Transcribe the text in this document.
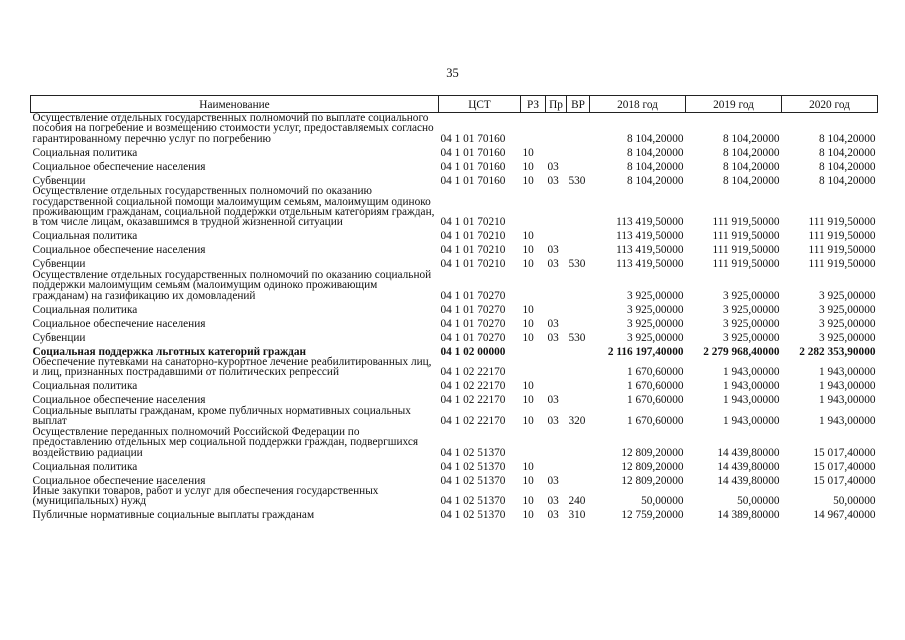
35
Наименование	ЦСТ	РЗ	Пр	ВР	2018 год	2019 год	2020 год
Осуществление отдельных государственных полномочий по выплате социального пособия на погребение и возмещению стоимости услуг, предоставляемых согласно гарантированному перечню услуг по погребению	04 1 01 70160				8 104,20000	8 104,20000	8 104,20000
Социальная политика	04 1 01 70160	10			8 104,20000	8 104,20000	8 104,20000
Социальное обеспечение населения	04 1 01 70160	10	03		8 104,20000	8 104,20000	8 104,20000
Субвенции	04 1 01 70160	10	03	530	8 104,20000	8 104,20000	8 104,20000
Осуществление отдельных государственных полномочий по оказанию государственной социальной помощи малоимущим семьям, малоимущим одиноко проживающим гражданам, социальной поддержки отдельным категориям граждан, в том числе лицам, оказавшимся в трудной жизненной ситуации	04 1 01 70210				113 419,50000	111 919,50000	111 919,50000
Социальная политика	04 1 01 70210	10			113 419,50000	111 919,50000	111 919,50000
Социальное обеспечение населения	04 1 01 70210	10	03		113 419,50000	111 919,50000	111 919,50000
Субвенции	04 1 01 70210	10	03	530	113 419,50000	111 919,50000	111 919,50000
Осуществление отдельных государственных полномочий по оказанию социальной поддержки малоимущим семьям (малоимущим одиноко проживающим гражданам) на газификацию их домовладений	04 1 01 70270				3 925,00000	3 925,00000	3 925,00000
Социальная политика	04 1 01 70270	10			3 925,00000	3 925,00000	3 925,00000
Социальное обеспечение населения	04 1 01 70270	10	03		3 925,00000	3 925,00000	3 925,00000
Субвенции	04 1 01 70270	10	03	530	3 925,00000	3 925,00000	3 925,00000
Социальная поддержка льготных категорий граждан	04 1 02 00000				2 116 197,40000	2 279 968,40000	2 282 353,90000
Обеспечение путевками на санаторно-курортное лечение реабилитированных лиц, и лиц, признанных пострадавшими от политических репрессий	04 1 02 22170				1 670,60000	1 943,00000	1 943,00000
Социальная политика	04 1 02 22170	10			1 670,60000	1 943,00000	1 943,00000
Социальное обеспечение населения	04 1 02 22170	10	03		1 670,60000	1 943,00000	1 943,00000
Социальные выплаты гражданам, кроме публичных нормативных социальных выплат	04 1 02 22170	10	03	320	1 670,60000	1 943,00000	1 943,00000
Осуществление переданных полномочий Российской Федерации по предоставлению отдельных мер социальной поддержки граждан, подвергшихся воздействию радиации	04 1 02 51370				12 809,20000	14 439,80000	15 017,40000
Социальная политика	04 1 02 51370	10			12 809,20000	14 439,80000	15 017,40000
Социальное обеспечение населения	04 1 02 51370	10	03		12 809,20000	14 439,80000	15 017,40000
Иные закупки товаров, работ и услуг для обеспечения государственных (муниципальных) нужд	04 1 02 51370	10	03	240	50,00000	50,00000	50,00000
Публичные нормативные социальные выплаты гражданам	04 1 02 51370	10	03	310	12 759,20000	14 389,80000	14 967,40000
